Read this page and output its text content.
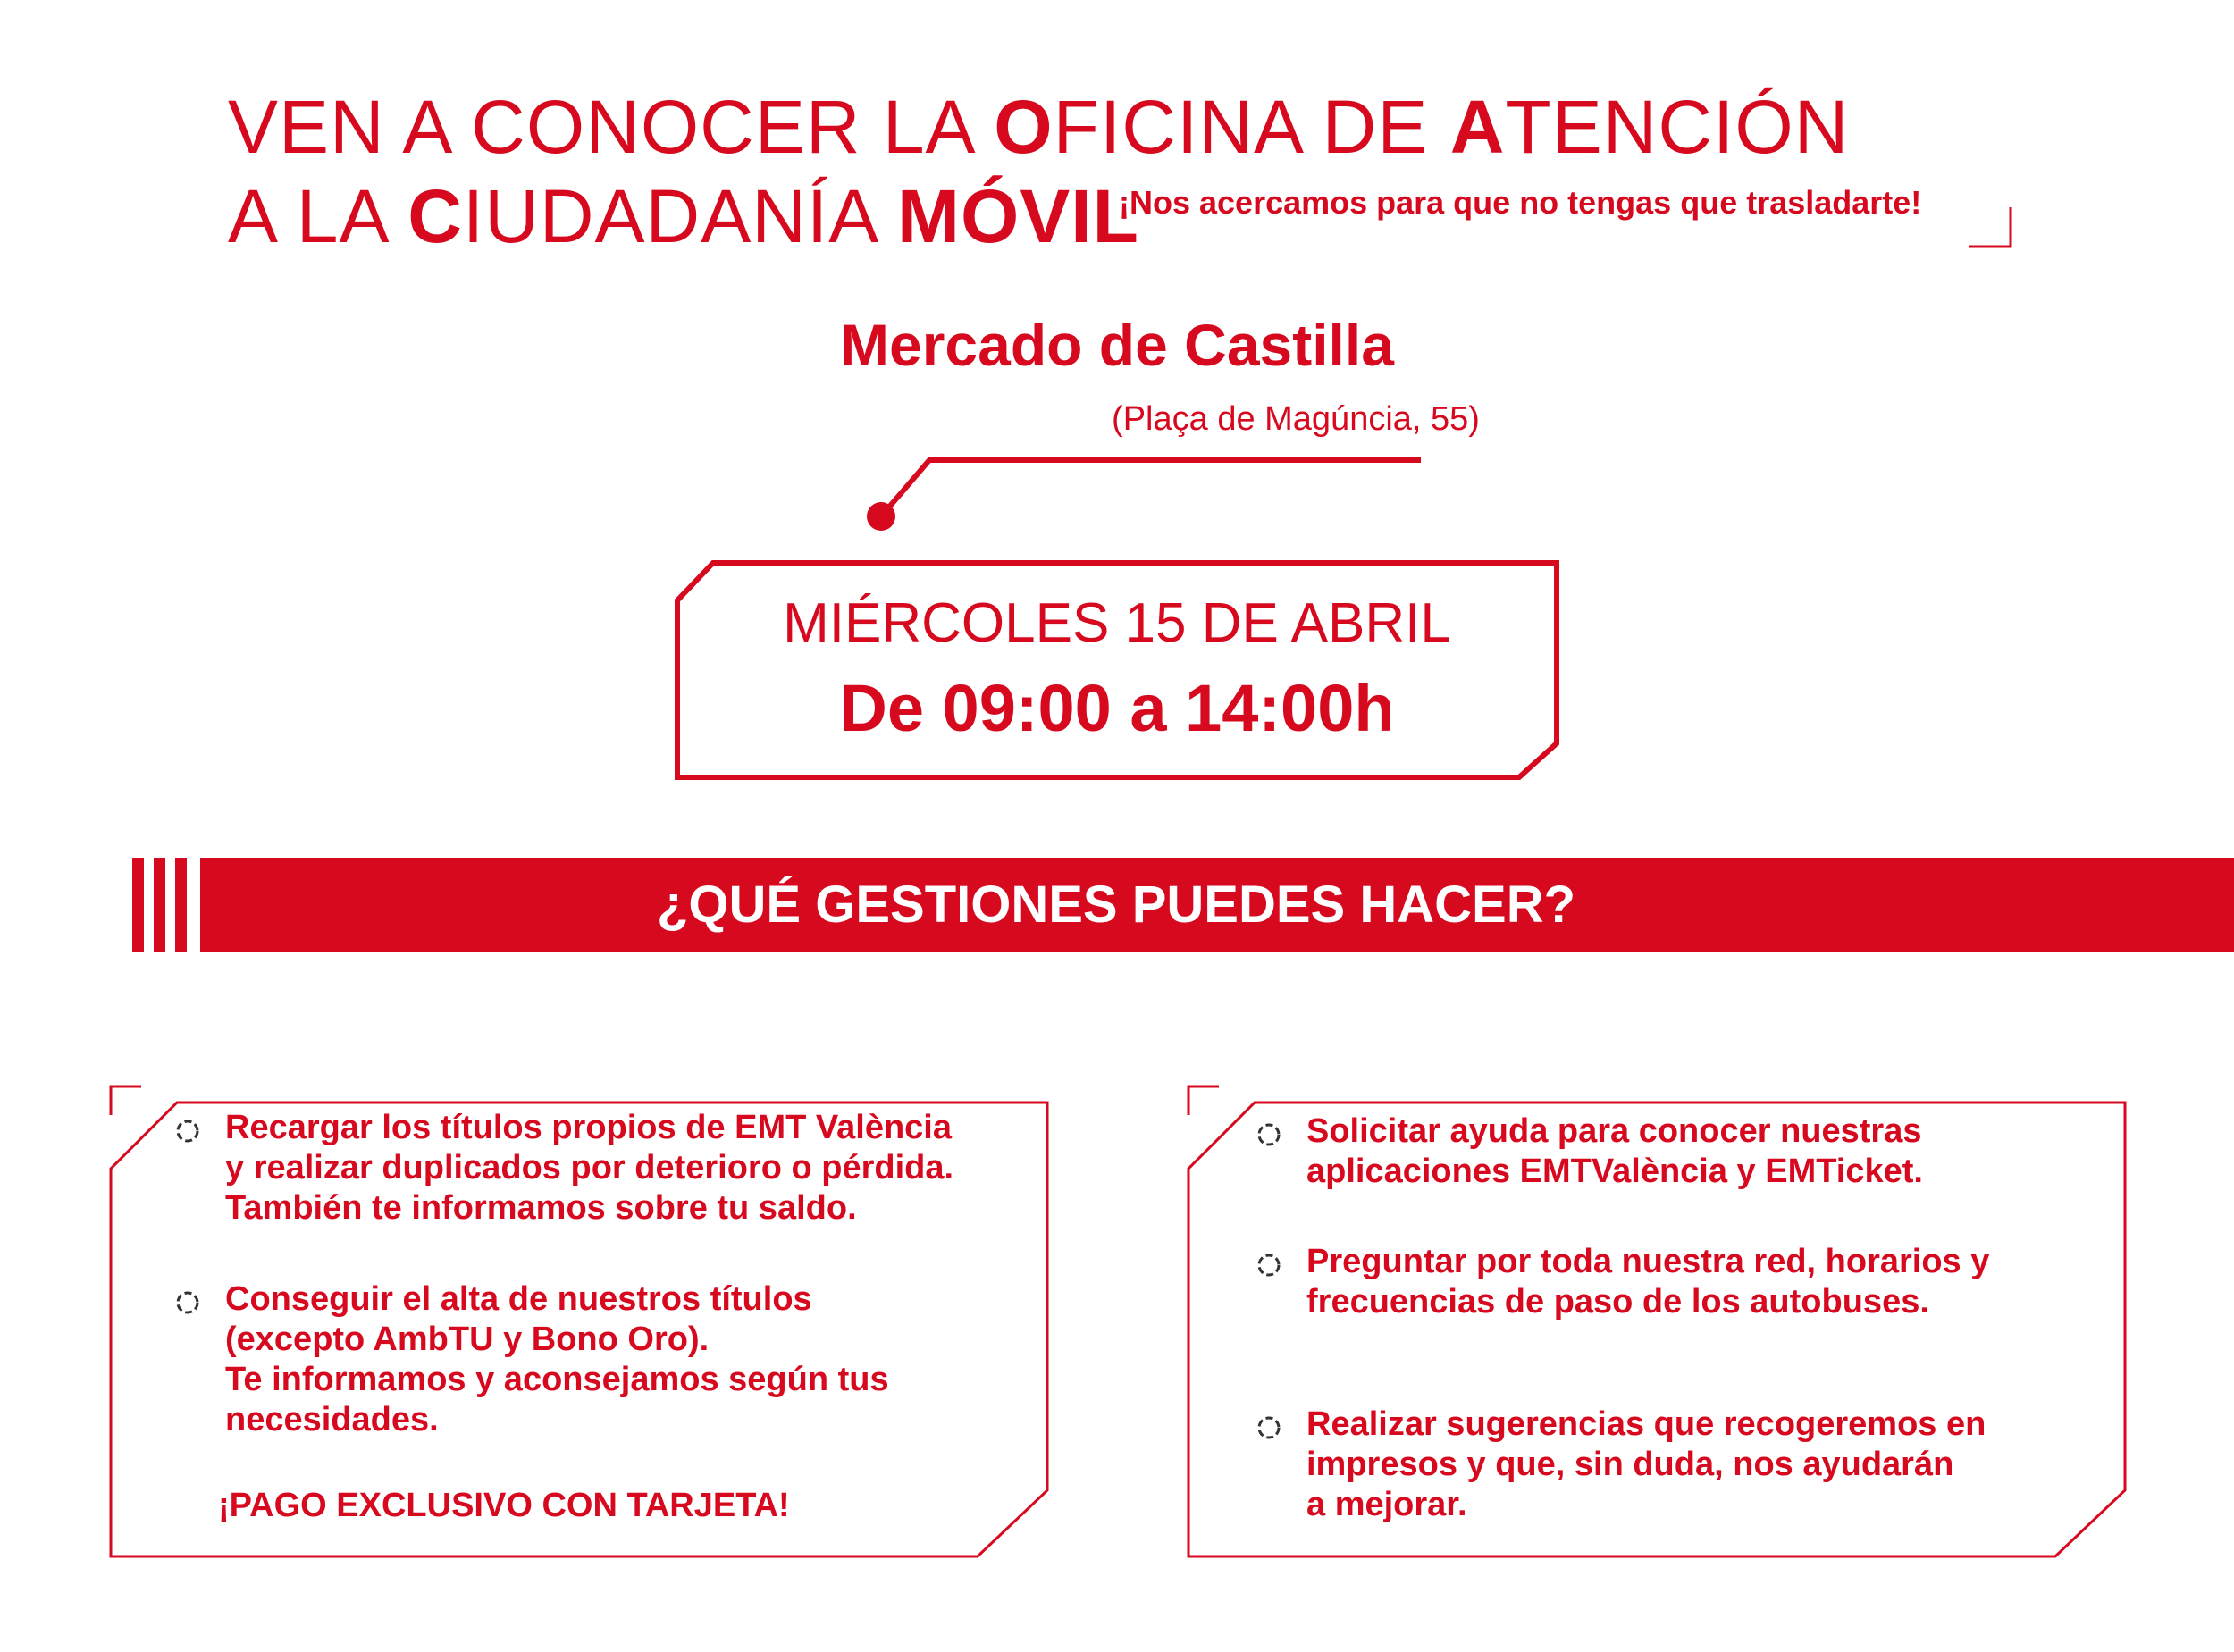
VEN A CONOCER LA OFICINA DE ATENCIÓN
A LA CIUDADANÍA MÓVIL
¡Nos acercamos para que no tengas que trasladarte!
Mercado de Castilla
(Plaça de Magúncia, 55)
MIÉRCOLES 15 DE ABRIL
De 09:00 a 14:00h
¿QUÉ GESTIONES PUEDES HACER?
Recargar los títulos propios de EMT València
y realizar duplicados por deterioro o pérdida.
También te informamos sobre tu saldo.
Conseguir el alta de nuestros títulos
(excepto AmbTU y Bono Oro).
Te informamos y aconsejamos según tus
necesidades.
¡PAGO EXCLUSIVO CON TARJETA!
Solicitar ayuda para conocer nuestras
aplicaciones EMTValència y EMTicket.
Preguntar por toda nuestra red, horarios y
frecuencias de paso de los autobuses.
Realizar sugerencias que recogeremos en
impresos y que, sin duda, nos ayudarán
a mejorar.
